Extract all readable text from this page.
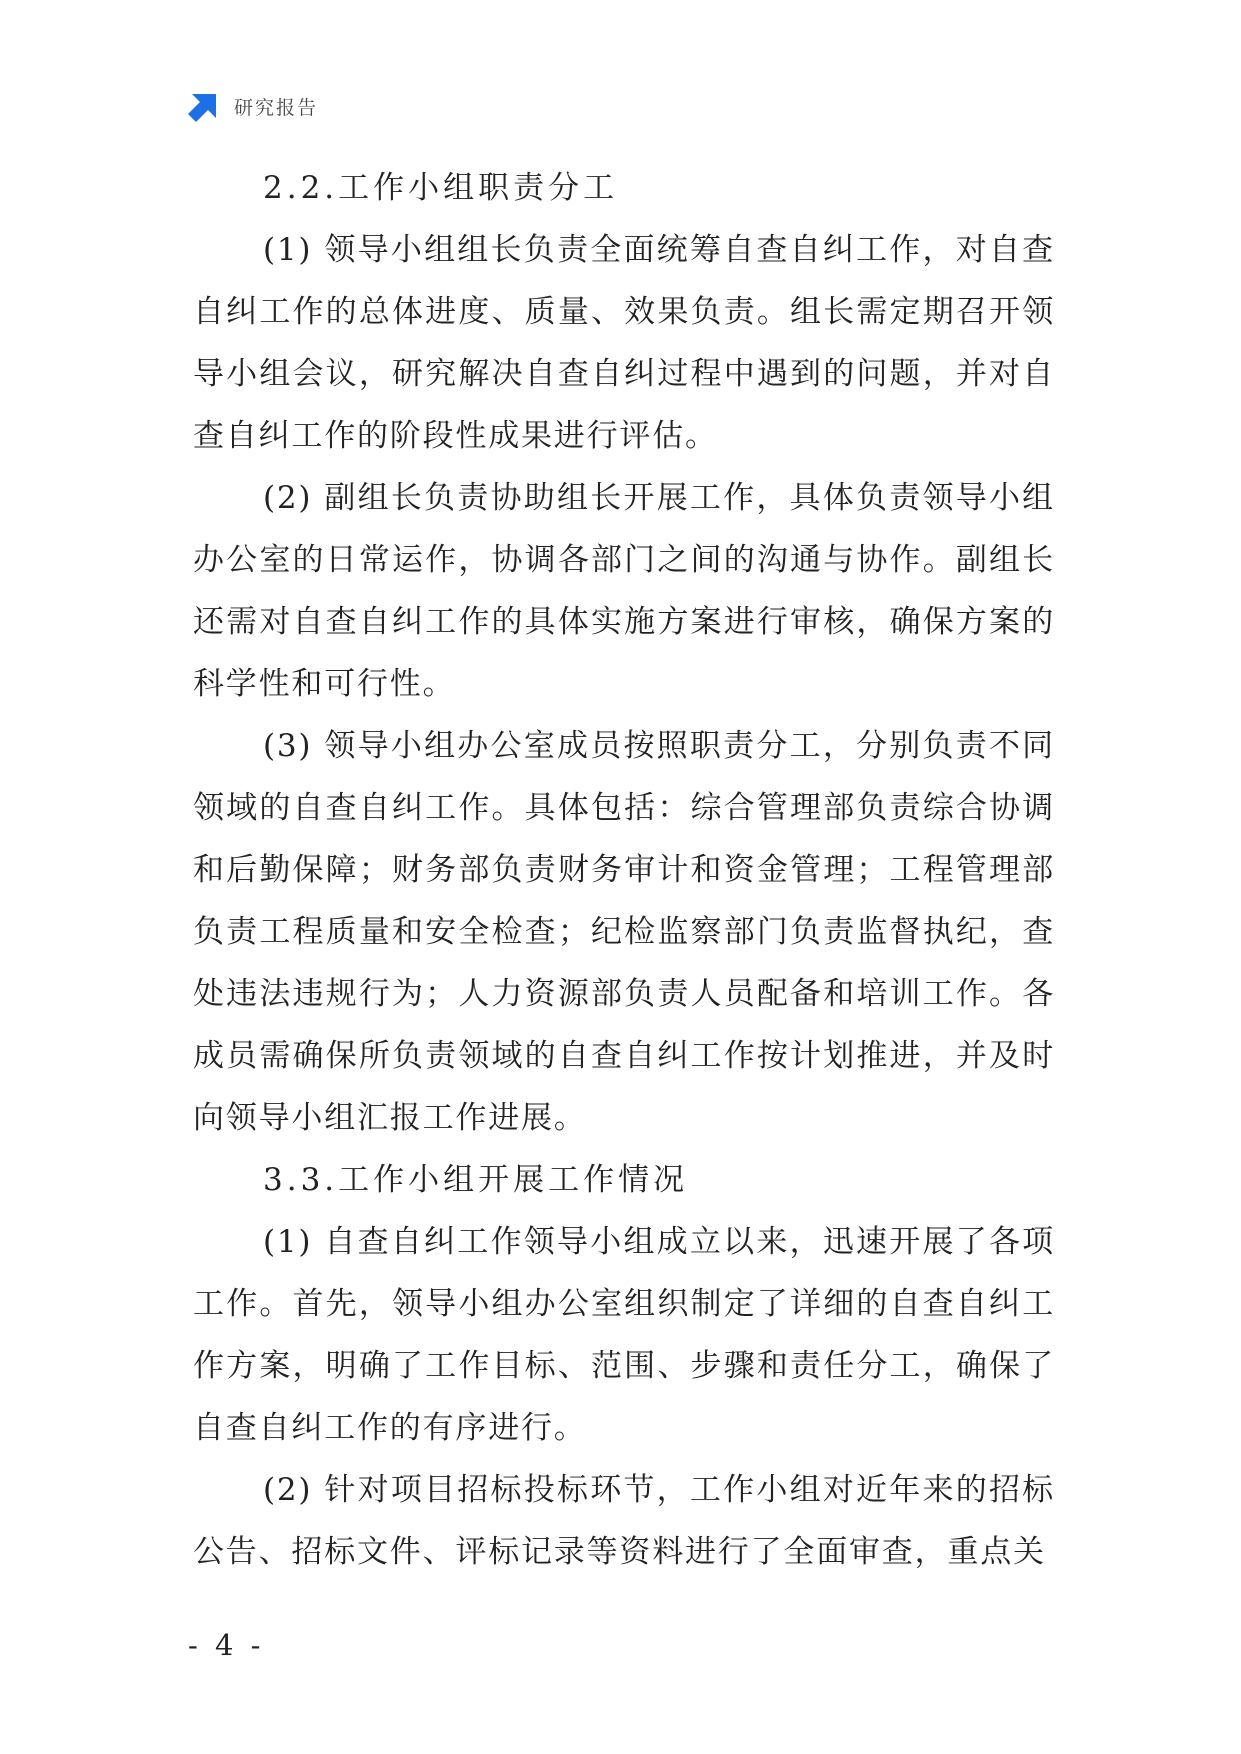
研究报告
2.2.工作小组职责分工

(1) 领导小组组长负责全面统筹自查自纠工作，对自查自纠工作的总体进度、质量、效果负责。组长需定期召开领导小组会议，研究解决自查自纠过程中遇到的问题，并对自查自纠工作的阶段性成果进行评估。

(2) 副组长负责协助组长开展工作，具体负责领导小组办公室的日常运作，协调各部门之间的沟通与协作。副组长还需对自查自纠工作的具体实施方案进行审核，确保方案的科学性和可行性。

(3) 领导小组办公室成员按照职责分工，分别负责不同领域的自查自纠工作。具体包括：综合管理部负责综合协调和后勤保障；财务部负责财务审计和资金管理；工程管理部负责工程质量和安全检查；纪检监察部门负责监督执纪，查处违法违规行为；人力资源部负责人员配备和培训工作。各成员需确保所负责领域的自查自纠工作按计划推进，并及时向领导小组汇报工作进展。

3.3.工作小组开展工作情况

(1) 自查自纠工作领导小组成立以来，迅速开展了各项工作。首先，领导小组办公室组织制定了详细的自查自纠工作方案，明确了工作目标、范围、步骤和责任分工，确保了自查自纠工作的有序进行。

(2) 针对项目招标投标环节，工作小组对近年来的招标公告、招标文件、评标记录等资料进行了全面审查，重点关

- 4 -
